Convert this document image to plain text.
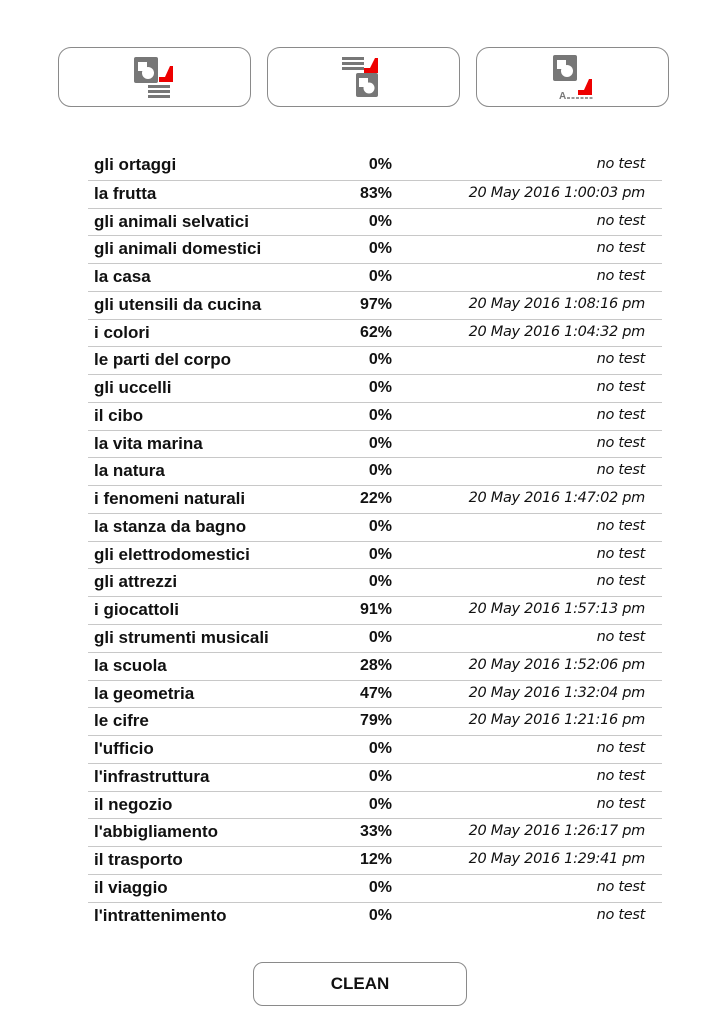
A
gli ortaggi	0%	no test
la frutta	83%	20 May 2016 1:00:03 pm
gli animali selvatici	0%	no test
gli animali domestici	0%	no test
la casa	0%	no test
gli utensili da cucina	97%	20 May 2016 1:08:16 pm
i colori	62%	20 May 2016 1:04:32 pm
le parti del corpo	0%	no test
gli uccelli	0%	no test
il cibo	0%	no test
la vita marina	0%	no test
la natura	0%	no test
i fenomeni naturali	22%	20 May 2016 1:47:02 pm
la stanza da bagno	0%	no test
gli elettrodomestici	0%	no test
gli attrezzi	0%	no test
i giocattoli	91%	20 May 2016 1:57:13 pm
gli strumenti musicali	0%	no test
la scuola	28%	20 May 2016 1:52:06 pm
la geometria	47%	20 May 2016 1:32:04 pm
le cifre	79%	20 May 2016 1:21:16 pm
l'ufficio	0%	no test
l'infrastruttura	0%	no test
il negozio	0%	no test
l'abbigliamento	33%	20 May 2016 1:26:17 pm
il trasporto	12%	20 May 2016 1:29:41 pm
il viaggio	0%	no test
l'intrattenimento	0%	no test
CLEAN
